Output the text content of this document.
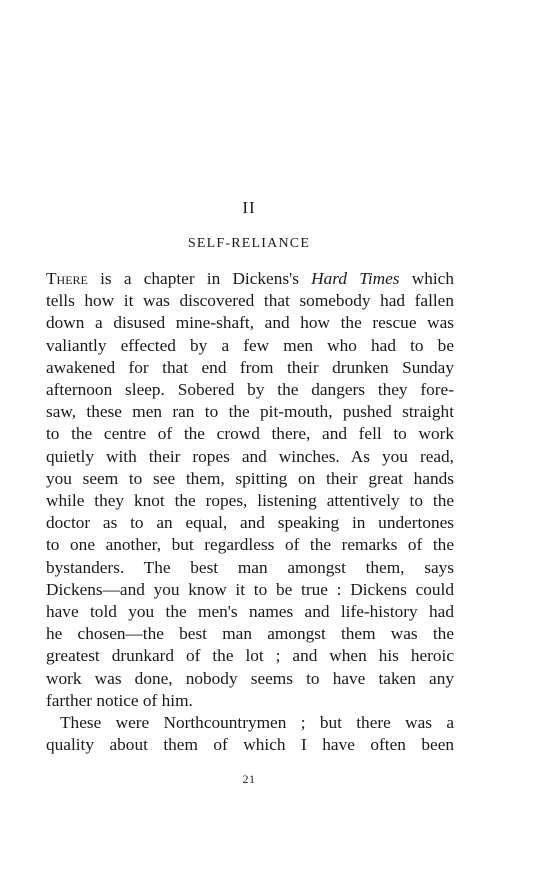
II
SELF-RELIANCE
There is a chapter in Dickens's Hard Times which
tells how it was discovered that somebody had fallen
down a disused mine-shaft, and how the rescue was
valiantly effected by a few men who had to be
awakened for that end from their drunken Sunday
afternoon sleep. Sobered by the dangers they fore-
saw, these men ran to the pit-mouth, pushed straight
to the centre of the crowd there, and fell to work
quietly with their ropes and winches. As you read,
you seem to see them, spitting on their great hands
while they knot the ropes, listening attentively to the
doctor as to an equal, and speaking in undertones
to one another, but regardless of the remarks of the
bystanders. The best man amongst them, says
Dickens—and you know it to be true : Dickens could
have told you the men's names and life-history had
he chosen—the best man amongst them was the
greatest drunkard of the lot ; and when his heroic
work was done, nobody seems to have taken any
farther notice of him.
These were Northcountrymen ; but there was a
quality about them of which I have often been
21
